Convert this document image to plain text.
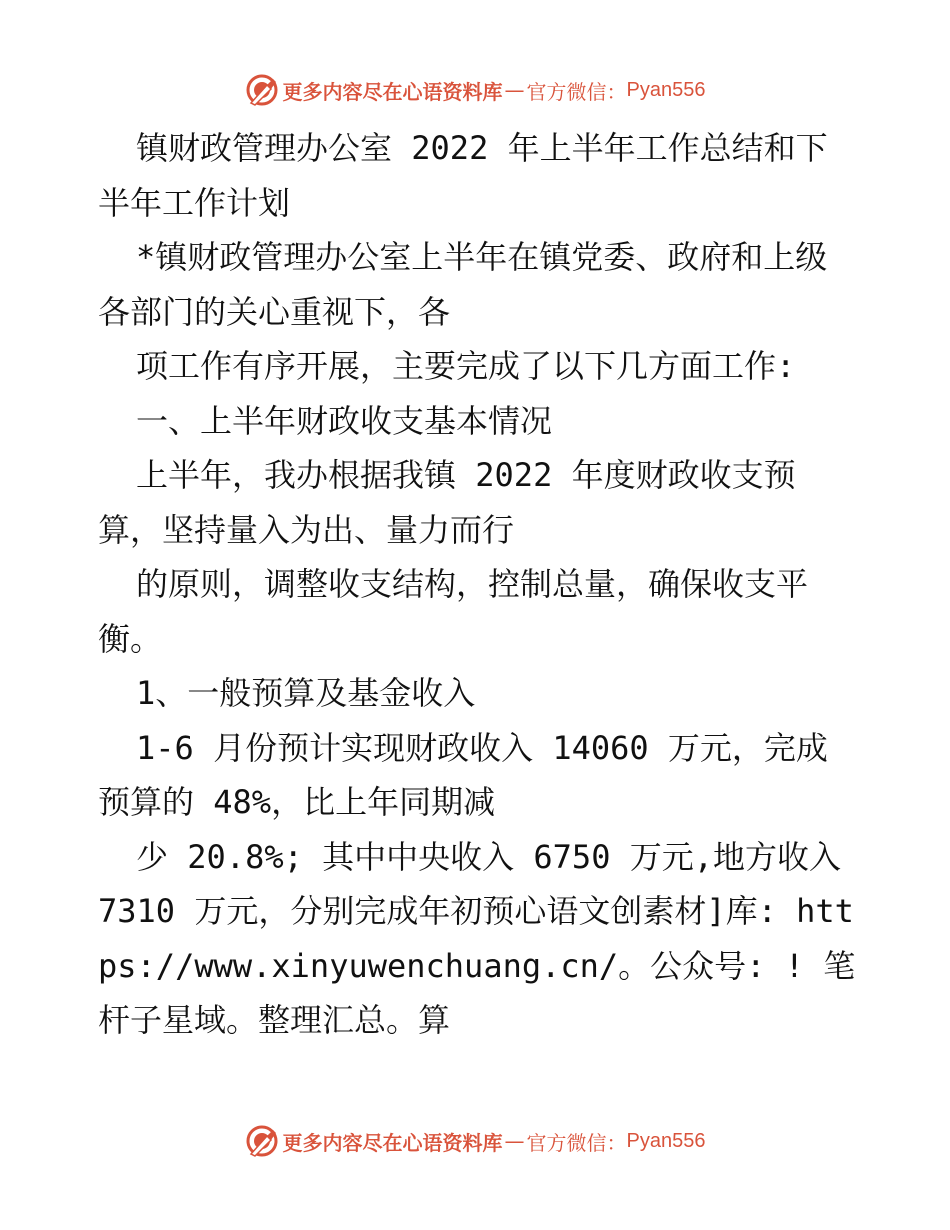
更多内容尽在心语资料库 — 官方微信： Pyan556

镇财政管理办公室 2022 年上半年工作总结和下半年工作计划

*镇财政管理办公室上半年在镇党委、政府和上级各部门的关心重视下，各

项工作有序开展，主要完成了以下几方面工作:

一、上半年财政收支基本情况

上半年，我办根据我镇 2022 年度财政收支预算，坚持量入为出、量力而行

的原则，调整收支结构，控制总量，确保收支平衡。

1、一般预算及基金收入

1-6 月份预计实现财政收入 14060 万元，完成预算的 48%，比上年同期减

少 20.8%; 其中中央收入 6750 万元,地方收入 7310 万元，分别完成年初预心语文创素材]库: https://www.xinyuwenchuang.cn/。公众号: ! 笔杆子星域。整理汇总。算

更多内容尽在心语资料库 — 官方微信： Pyan556
